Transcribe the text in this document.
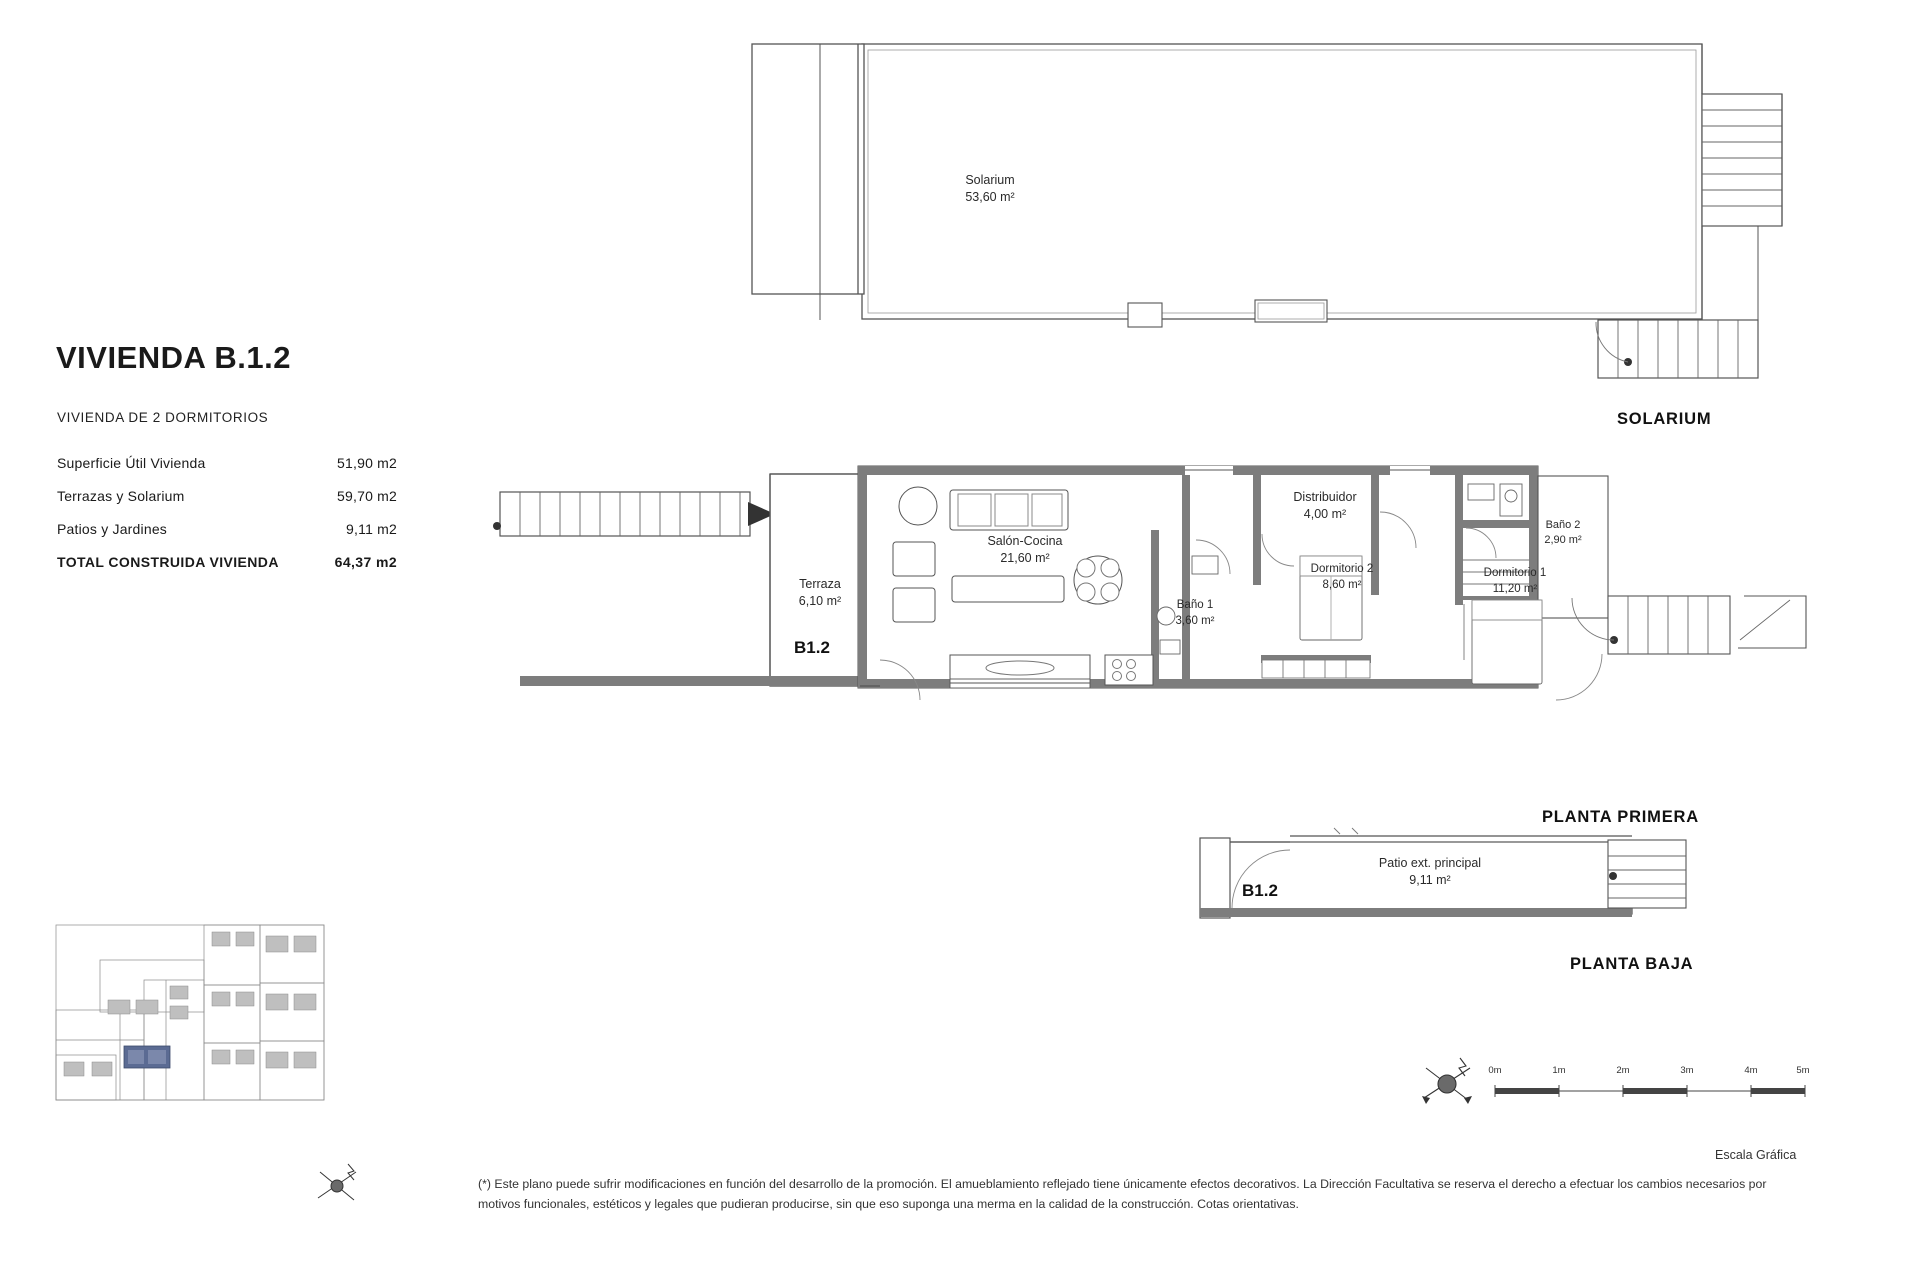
VIVIENDA B.1.2
VIVIENDA DE 2 DORMITORIOS
Superficie Útil Vivienda	51,90 m2
Terrazas y Solarium	59,70 m2
Patios y Jardines	9,11 m2
TOTAL CONSTRUIDA VIVIENDA	64,37 m2
Solarium
53,60 m²
SOLARIUM
Terraza
6,10 m²
B1.2
Salón-Cocina
21,60 m²
Baño 1
3,60 m²
Distribuidor
4,00 m²
Dormitorio 2
8,60 m²
Dormitorio 1
11,20 m²
Baño 2
2,90 m²
PLANTA PRIMERA
Patio ext. principal
9,11 m²
B1.2
PLANTA BAJA
0m	1m	2m	3m	4m	5m
Escala Gráfica
(*) Este plano puede sufrir modificaciones en función del desarrollo de la promoción. El amueblamiento reflejado tiene únicamente efectos decorativos. La Dirección Facultativa se reserva el derecho a efectuar los cambios necesarios por motivos funcionales, estéticos y legales que pudieran producirse, sin que eso suponga una merma en la calidad de la construcción. Cotas orientativas.
